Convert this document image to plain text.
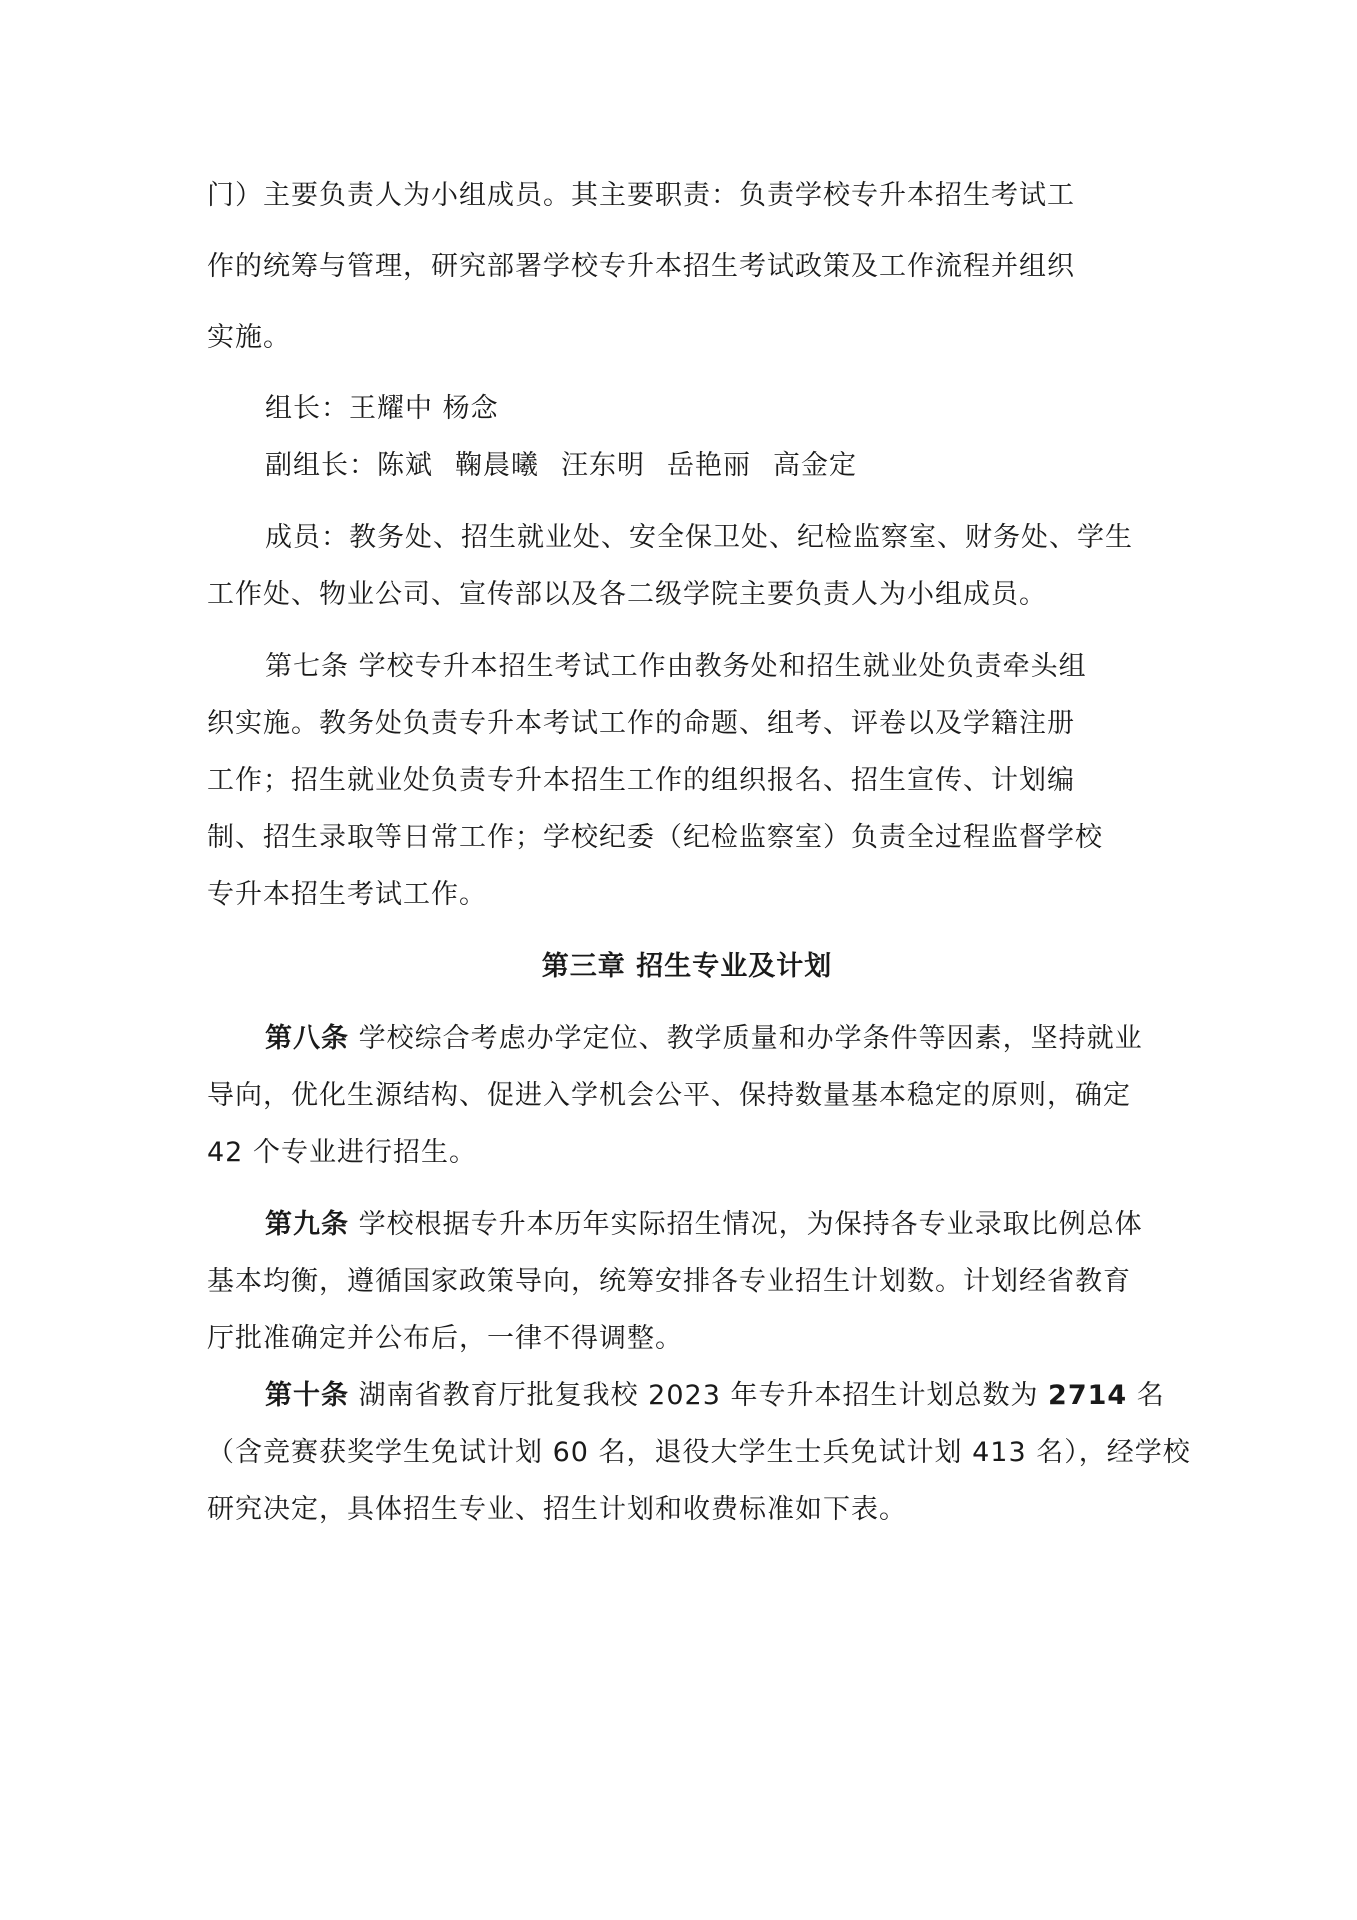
门）主要负责人为小组成员。其主要职责：负责学校专升本招生考试工

作的统筹与管理，研究部署学校专升本招生考试政策及工作流程并组织

实施。

组长：王耀中 杨念

副组长：陈斌 鞠晨曦 汪东明 岳艳丽 高金定

成员：教务处、招生就业处、安全保卫处、纪检监察室、财务处、学生

工作处、物业公司、宣传部以及各二级学院主要负责人为小组成员。

第七条 学校专升本招生考试工作由教务处和招生就业处负责牵头组

织实施。教务处负责专升本考试工作的命题、组考、评卷以及学籍注册

工作；招生就业处负责专升本招生工作的组织报名、招生宣传、计划编

制、招生录取等日常工作；学校纪委（纪检监察室）负责全过程监督学校

专升本招生考试工作。

第三章 招生专业及计划

第八条 学校综合考虑办学定位、教学质量和办学条件等因素，坚持就业

导向，优化生源结构、促进入学机会公平、保持数量基本稳定的原则，确定

42 个专业进行招生。

第九条 学校根据专升本历年实际招生情况，为保持各专业录取比例总体

基本均衡，遵循国家政策导向，统筹安排各专业招生计划数。计划经省教育

厅批准确定并公布后，一律不得调整。

第十条 湖南省教育厅批复我校 2023 年专升本招生计划总数为 2714 名

（含竞赛获奖学生免试计划 60 名，退役大学生士兵免试计划 413 名），经学校

研究决定，具体招生专业、招生计划和收费标准如下表。
